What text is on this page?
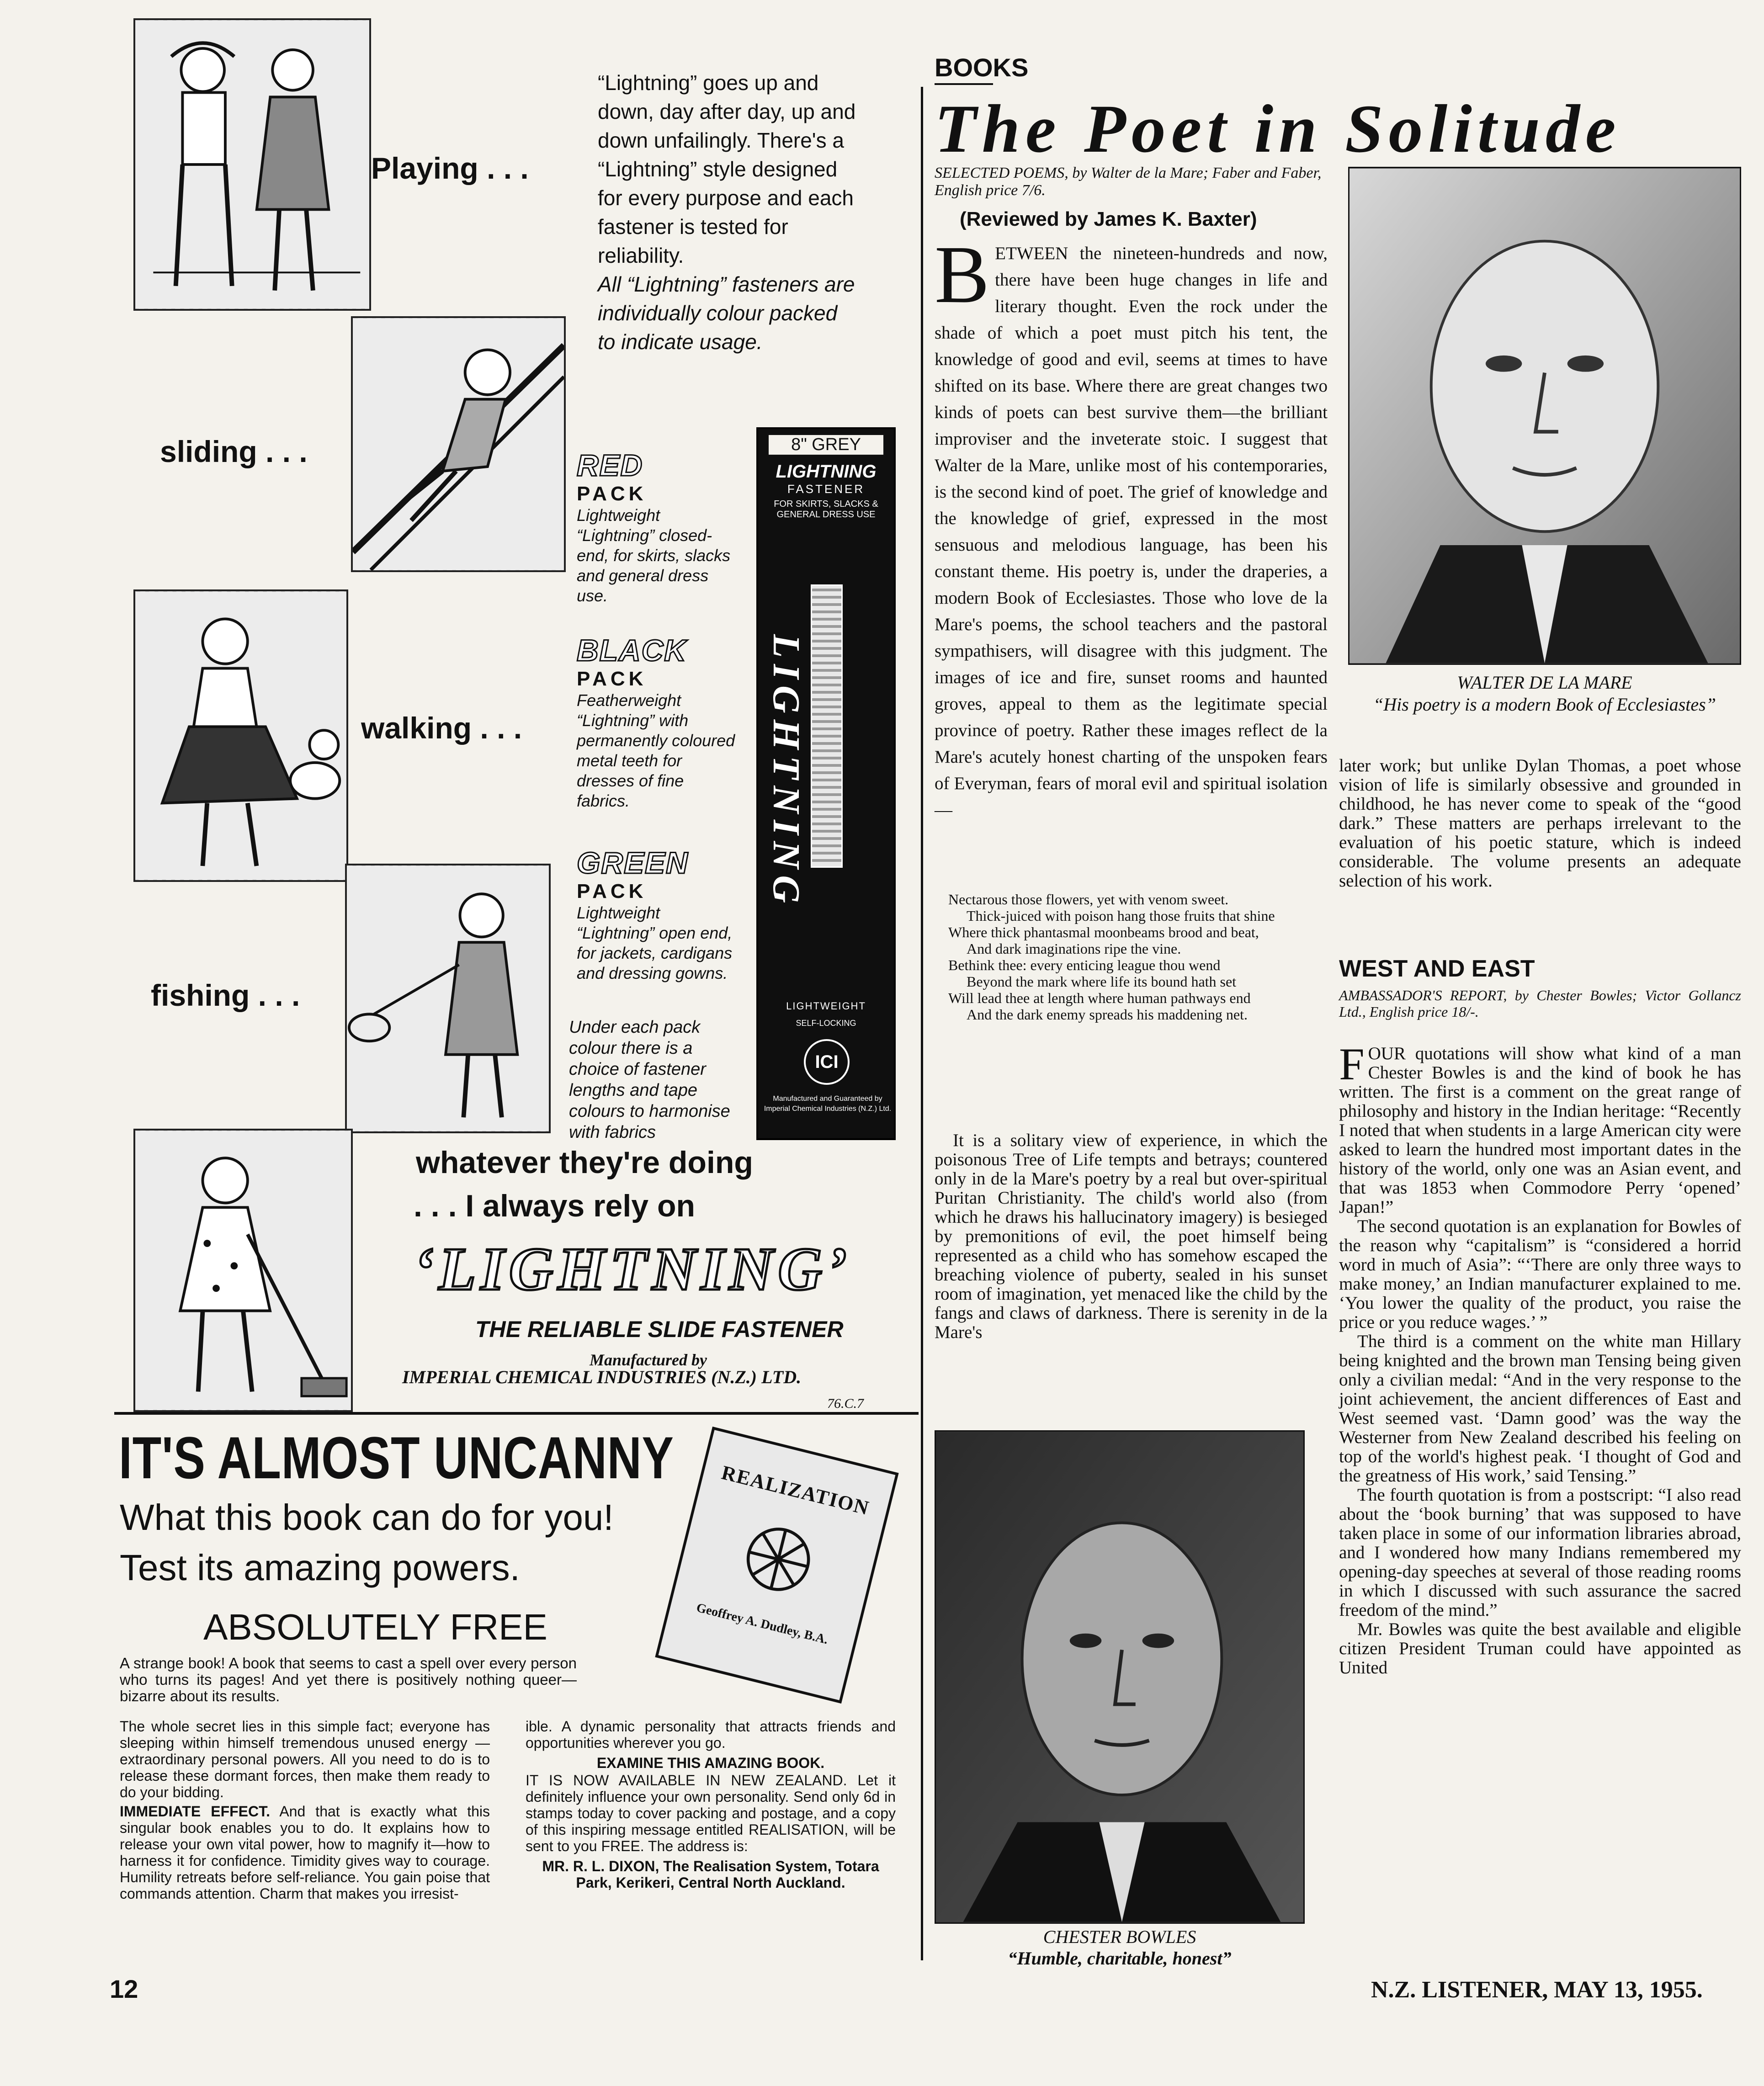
Playing . . .
sliding . . .
walking . . .
fishing . . .

“Lightning” goes up and down, day after day, up and down unfailingly. There's a “Lightning” style designed for every purpose and each fastener is tested for reliability.

All “Lightning” fasteners are individually colour packed to indicate usage.

RED
PACK
Lightweight “Lightning” closed-end, for skirts, slacks and general dress use.
BLACK
PACK
Featherweight “Lightning” with permanently coloured metal teeth for dresses of fine fabrics.
GREEN
PACK
Lightweight “Lightning” open end, for jackets, cardigans and dressing gowns.
Under each pack colour there is a choice of fastener lengths and tape colours to harmonise with fabrics
8" GREY
LIGHTNING
FASTENER
FOR SKIRTS, SLACKS & GENERAL DRESS USE
LIGHTNING
LIGHTWEIGHT
SELF-LOCKING
ICI
Manufactured and Guaranteed by Imperial Chemical Industries (N.Z.) Ltd.
whatever they're doing
. . . I always rely on
‘LIGHTNING’
THE RELIABLE SLIDE FASTENER
Manufactured by
IMPERIAL CHEMICAL INDUSTRIES (N.Z.) LTD.
76.C.7
IT'S ALMOST UNCANNY
What this book can do for you!
Test its amazing powers.
ABSOLUTELY FREE
REALIZATION
Geoffrey A. Dudley, B.A.
A strange book! A book that seems to cast a spell over every person who turns its pages! And yet there is positively nothing queer—bizarre about its results.

The whole secret lies in this simple fact; everyone has sleeping within himself tremendous unused energy — extraordinary personal powers. All you need to do is to release these dormant forces, then make them ready to do your bidding.

IMMEDIATE EFFECT. And that is exactly what this singular book enables you to do. It explains how to release your own vital power, how to magnify it—how to harness it for confidence. Timidity gives way to courage. Humility retreats before self-reliance. You gain poise that commands attention. Charm that makes you irresist-

ible. A dynamic personality that attracts friends and opportunities wherever you go.

EXAMINE THIS AMAZING BOOK.

IT IS NOW AVAILABLE IN NEW ZEALAND. Let it definitely influence your own personality. Send only 6d in stamps today to cover packing and postage, and a copy of this inspiring message entitled REALISATION, will be sent to you FREE. The address is:

MR. R. L. DIXON, The Realisation System, Totara Park, Kerikeri, Central North Auckland.

BOOKS
The Poet in Solitude
SELECTED POEMS, by Walter de la Mare; Faber and Faber, English price 7/6.
(Reviewed by James K. Baxter)
B ETWEEN the nineteen-hundreds and now, there have been huge changes in life and literary thought. Even the rock under the shade of which a poet must pitch his tent, the knowledge of good and evil, seems at times to have shifted on its base. Where there are great changes two kinds of poets can best survive them—the brilliant improviser and the inveterate stoic. I suggest that Walter de la Mare, unlike most of his contemporaries, is the second kind of poet. The grief of knowledge and the knowledge of grief, expressed in the most sensuous and melodious language, has been his constant theme. His poetry is, under the draperies, a modern Book of Ecclesiastes. Those who love de la Mare's poems, the school teachers and the pastoral sympathisers, will disagree with this judgment. The images of ice and fire, sunset rooms and haunted groves, appeal to them as the legitimate special province of poetry. Rather these images reflect de la Mare's acutely honest charting of the unspoken fears of Everyman, fears of moral evil and spiritual isolation—
Nectarous those flowers, yet with venom sweet.
Thick-juiced with poison hang those fruits that shine
Where thick phantasmal moonbeams brood and beat,
And dark imaginations ripe the vine.
Bethink thee: every enticing league thou wend
Beyond the mark where life its bound hath set
Will lead thee at length where human pathways end
And the dark enemy spreads his maddening net.
It is a solitary view of experience, in which the poisonous Tree of Life tempts and betrays; countered only in de la Mare's poetry by a real but over-spiritual Puritan Christianity. The child's world also (from which he draws his hallucinatory imagery) is besieged by premonitions of evil, the poet himself being represented as a child who has somehow escaped the breaching violence of puberty, sealed in his sunset room of imagination, yet menaced like the child by the fangs and claws of darkness. There is serenity in de la Mare's
WALTER DE LA MARE
“His poetry is a modern Book of Ecclesiastes”
later work; but unlike Dylan Thomas, a poet whose vision of life is similarly obsessive and grounded in childhood, he has never come to speak of the “good dark.” These matters are perhaps irrelevant to the evaluation of his poetic stature, which is indeed considerable. The volume presents an adequate selection of his work.
WEST AND EAST
AMBASSADOR'S REPORT, by Chester Bowles; Victor Gollancz Ltd., English price 18/-.

FOUR quotations will show what kind of a man Chester Bowles is and the kind of book he has written. The first is a comment on the great range of philosophy and history in the Indian heritage: “Recently I noted that when students in a large American city were asked to learn the hundred most important dates in the history of the world, only one was an Asian event, and that was 1853 when Commodore Perry ‘opened’ Japan!”

The second quotation is an explanation for Bowles of the reason why “capitalism” is “considered a horrid word in much of Asia”: “‘There are only three ways to make money,’ an Indian manufacturer explained to me. ‘You lower the quality of the product, you raise the price or you reduce wages.’ ”

The third is a comment on the white man Hillary being knighted and the brown man Tensing being given only a civilian medal: “And in the very response to the joint achievement, the ancient differences of East and West seemed vast. ‘Damn good’ was the way the Westerner from New Zealand described his feeling on top of the world's highest peak. ‘I thought of God and the greatness of His work,’ said Tensing.”

The fourth quotation is from a postscript: “I also read about the ‘book burning’ that was supposed to have taken place in some of our information libraries abroad, and I wondered how many Indians remembered my opening-day speeches at several of those reading rooms in which I discussed with such assurance the sacred freedom of the mind.”

Mr. Bowles was quite the best available and eligible citizen President Truman could have appointed as United

CHESTER BOWLES
“Humble, charitable, honest”
12	N.Z. LISTENER, MAY 13, 1955.
